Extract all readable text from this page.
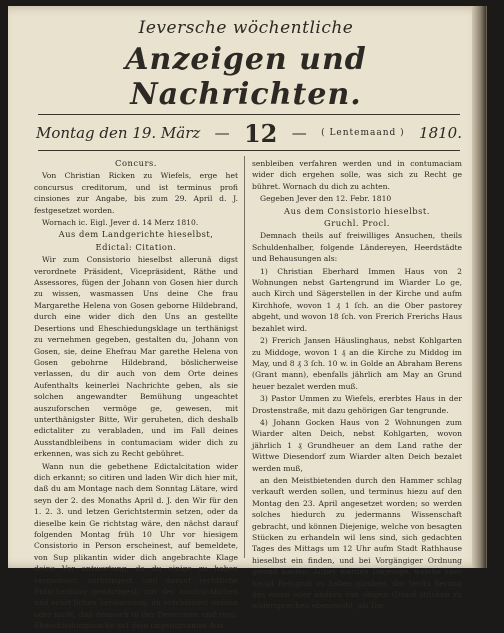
Ieversche wöchentliche
Anzeigen und Nachrichten.
Montag den 19. März — 12 — ( Lentemaand ) 1810.
Concurs.

Von Christian Ricken zu Wiefels, erge het concursus creditorum, und ist terminus profi cinsiones zur Angabe, bis zum 29. April d. J. festgesetzet worden.

Wornach ic. Eigl. Jever d. 14 Merz 1810.

Aus dem Landgerichte hieselbst,
Edictal: Citation.

Wir zum Consistorio hieselbst allerunä digst verordnete Präsident, Vicepräsident, Räthe und Assessores, fügen der Johann von Gosen hier durch zu wissen, wasmassen Uns deine Che frau Margarethe Helena von Gosen geborne Hildebrand, durch eine wider dich den Uns an gestellte Desertions und Eheschiedungsklage un terthänigst zu vernehmen gegeben, gestalten du, Johann von Gosen, sie, deine Ehefrau Mar garethe Helena von Gosen gebohrne Hildebrand, böslicherweise verlassen, du dir auch von dem Orte deines Aufenthalts keinerlei Nachrichte geben, als sie solchen angewandter Bemühung ungeachtet auszuforschen vermöge ge, gewesen, mit unterthänigster Bitte, Wir geruheten, dich deshalb edictaliter zu verabladen, und im Fall deines Ausstandbleibens in contumaciam wider dich zu erkennen, was sich zu Recht gebühret.

Wann nun die gebethene Edictalcitation wider dich erkannt; so citiren und laden Wir dich hier mit, daß du am Montage nach dem Sonntag Lätare, wird seyn der 2. des Monaths April d. J. den Wir für den 1. 2. 3. und letzen Gerichtstermin setzen, oder da dieselbe kein Ge richtstag wäre, den nächst darauf folgenden Montag früh 10 Uhr vor hiesigem Consistorio in Person erscheinest, auf bemeldete, von Sup plikantin wider dich angebrachte Klage deine Ver antwortung, da du einige zu haben vermeinest, vorbringest, und darauf rechtliche Entscheidung gewärtigest: mit der ausdrücklichen und ernst lichen Verwarnung, du erscheinest sodann oder nicht, daß dennoch in der Desertions und resp. Eheschiedungssache auf dein ungehorsames Aus

senbleiben verfahren werden und in contumaciam wider dich ergehen solle, was sich zu Recht ge bühret. Wornach du dich zu achten.

Gegeben Jever den 12. Febr. 1810

Aus dem Consistorio hieselbst.
Gruchl. Procl.

Demnach theils auf freiwilliges Ansuchen, theils Schuldenhalber, folgende Ländereyen, Heerdstädte und Behausungen als:

1) Christian Eberhard Immen Haus von 2 Wohnungen nebst Gartengrund im Wiarder Lo ge, auch Kirch und Sägerstellen in der Kirche und aufm Kirchhofe, wovon 1 ₰ 1 ſch. an die Ober pastorey abgeht, und wovon 18 ſch. von Frerich Frerichs Haus bezahlet wird.

2) Frerich Jansen Häuslinghaus, nebst Kohlgarten zu Middoge, wovon 1 ₰ an die Kirche zu Middog im May, und 8 ₰ 3 ſch. 10 w. in Golde an Abraham Berens (Grant mann), ebenfalls jährlich am May an Grund heuer bezalet werden muß.

3) Pastor Ummen zu Wiefels, ererbtes Haus in der Drostenstraße, mit dazu gehörigen Gar tengrunde.

4) Johann Gocken Haus von 2 Wohnungen zum Wiarder alten Deich, nebst Kohlgarten, wovon jährlich 1 ₰ Grundheuer an dem Land rathe der Wittwe Diesendorf zum Wiarder alten Deich bezalet werden muß,

an den Meistbietenden durch den Hammer schlag verkauft werden sollen, und terminus hiezu auf den Montag den 23. April angesetzet worden; so werden solches hiedurch zu jedermanns Wissenschaft gebracht, und können Diejenige, welche von besagten Stücken zu erhandeln wil lens sind, sich gedachten Tages des Mittags um 12 Uhr aufm Stadt Rathhause hieselbst ein finden, und bei Vorgängiger Ordnung gemäß kaufen. Anbey werden Diejenige, welche über haupt Befugniß zu haben glauben, der Veräu ßerung des einen oder andern von obigen Grund stücken zu widersprechen ebenswohl, als Die
